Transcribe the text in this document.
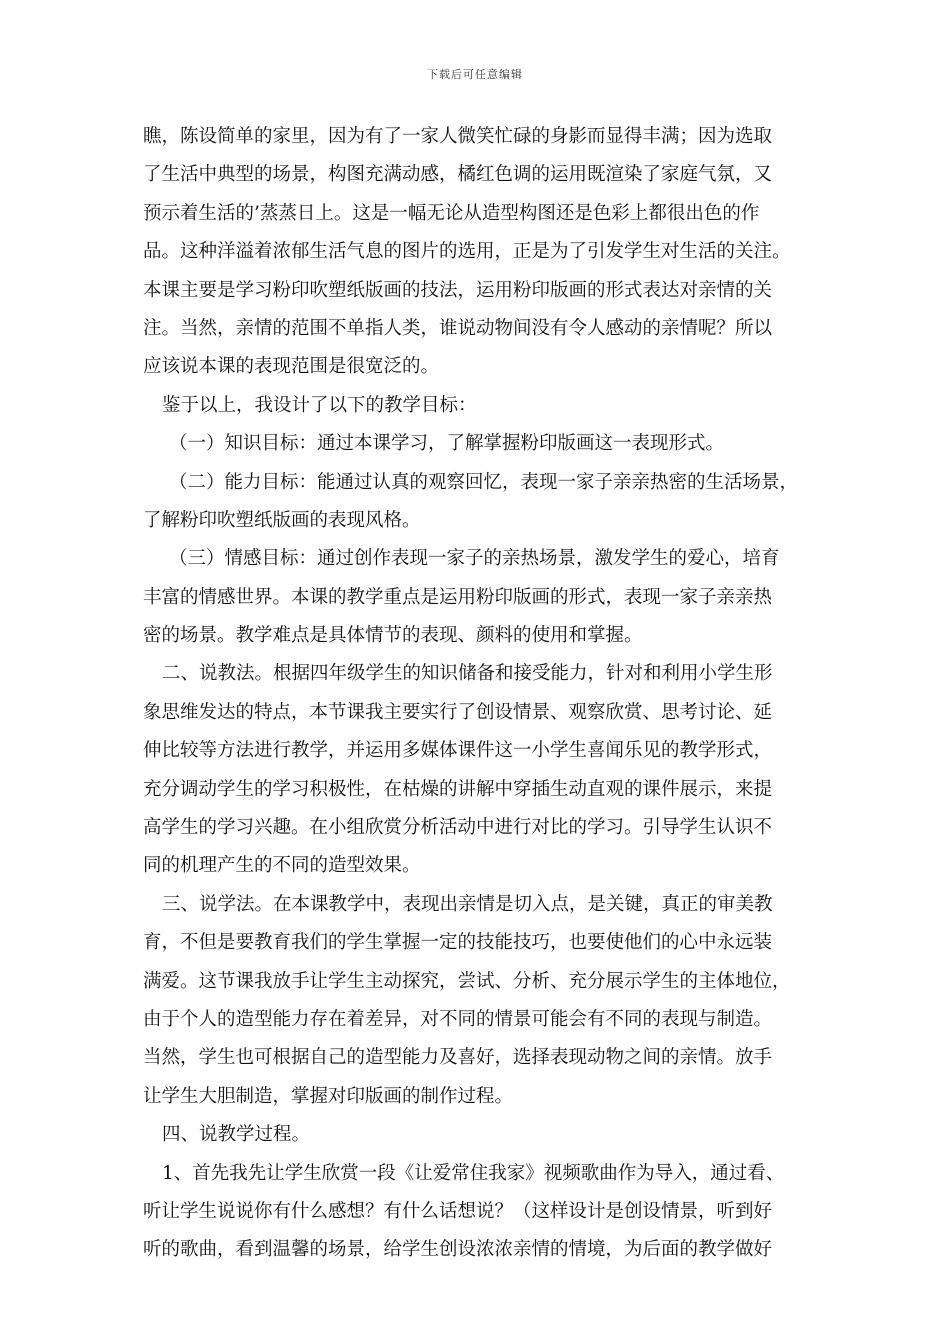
下载后可任意编辑
瞧，陈设简单的家里，因为有了一家人微笑忙碌的身影而显得丰满；因为选取
了生活中典型的场景，构图充满动感，橘红色调的运用既渲染了家庭气氛，又
预示着生活的’蒸蒸日上。这是一幅无论从造型构图还是色彩上都很出色的作
品。这种洋溢着浓郁生活气息的图片的选用，正是为了引发学生对生活的关注。
本课主要是学习粉印吹塑纸版画的技法，运用粉印版画的形式表达对亲情的关
注。当然，亲情的范围不单指人类，谁说动物间没有令人感动的亲情呢？所以
应该说本课的表现范围是很宽泛的。
鉴于以上，我设计了以下的教学目标：
（一）知识目标：通过本课学习，了解掌握粉印版画这一表现形式。
（二）能力目标：能通过认真的观察回忆，表现一家子亲亲热密的生活场景，
了解粉印吹塑纸版画的表现风格。
（三）情感目标：通过创作表现一家子的亲热场景，激发学生的爱心，培育
丰富的情感世界。本课的教学重点是运用粉印版画的形式，表现一家子亲亲热
密的场景。教学难点是具体情节的表现、颜料的使用和掌握。
二、说教法。根据四年级学生的知识储备和接受能力，针对和利用小学生形
象思维发达的特点，本节课我主要实行了创设情景、观察欣赏、思考讨论、延
伸比较等方法进行教学，并运用多媒体课件这一小学生喜闻乐见的教学形式，
充分调动学生的学习积极性，在枯燥的讲解中穿插生动直观的课件展示，来提
高学生的学习兴趣。在小组欣赏分析活动中进行对比的学习。引导学生认识不
同的机理产生的不同的造型效果。
三、说学法。在本课教学中，表现出亲情是切入点，是关键，真正的审美教
育，不但是要教育我们的学生掌握一定的技能技巧，也要使他们的心中永远装
满爱。这节课我放手让学生主动探究，尝试、分析、充分展示学生的主体地位，
由于个人的造型能力存在着差异，对不同的情景可能会有不同的表现与制造。
当然，学生也可根据自己的造型能力及喜好，选择表现动物之间的亲情。放手
让学生大胆制造，掌握对印版画的制作过程。
四、说教学过程。
1、首先我先让学生欣赏一段《让爱常住我家》视频歌曲作为导入，通过看、
听让学生说说你有什么感想？有什么话想说？（这样设计是创设情景，听到好
听的歌曲，看到温馨的场景，给学生创设浓浓亲情的情境，为后面的教学做好
